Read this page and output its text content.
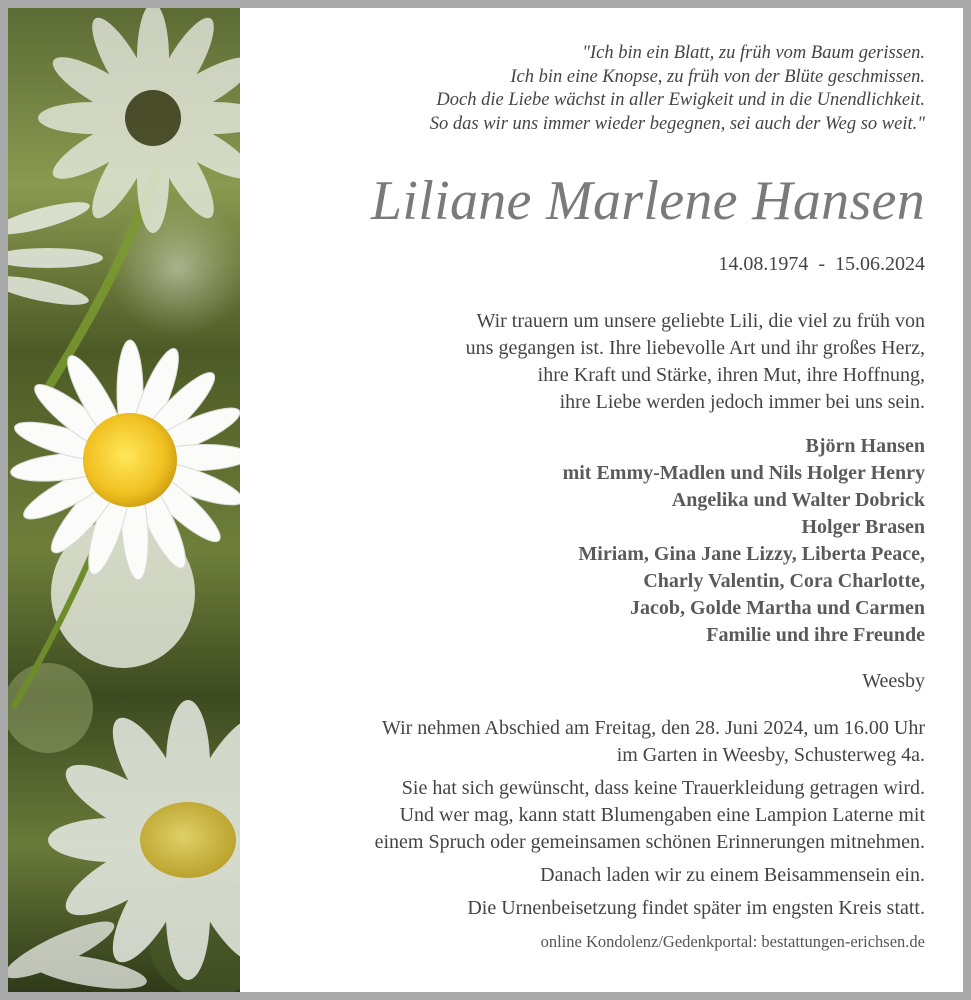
"Ich bin ein Blatt, zu früh vom Baum gerissen.
Ich bin eine Knopse, zu früh von der Blüte geschmissen.
Doch die Liebe wächst in aller Ewigkeit und in die Unendlichkeit.
So das wir uns immer wieder begegnen, sei auch der Weg so weit."
Liliane Marlene Hansen
14.08.1974  -  15.06.2024
Wir trauern um unsere geliebte Lili, die viel zu früh von
uns gegangen ist. Ihre liebevolle Art und ihr großes Herz,
ihre Kraft und Stärke, ihren Mut, ihre Hoffnung,
ihre Liebe werden jedoch immer bei uns sein.
Björn Hansen
mit Emmy-Madlen und Nils Holger Henry
Angelika und Walter Dobrick
Holger Brasen
Miriam, Gina Jane Lizzy, Liberta Peace,
Charly Valentin, Cora Charlotte,
Jacob, Golde Martha und Carmen
Familie und ihre Freunde
Weesby
Wir nehmen Abschied am Freitag, den 28. Juni 2024, um 16.00 Uhr
im Garten in Weesby, Schusterweg 4a.
Sie hat sich gewünscht, dass keine Trauerkleidung getragen wird.
Und wer mag, kann statt Blumengaben eine Lampion Laterne mit
einem Spruch oder gemeinsamen schönen Erinnerungen mitnehmen.
Danach laden wir zu einem Beisammensein ein.
Die Urnenbeisetzung findet später im engsten Kreis statt.
online Kondolenz/Gedenkportal: bestattungen-erichsen.de
